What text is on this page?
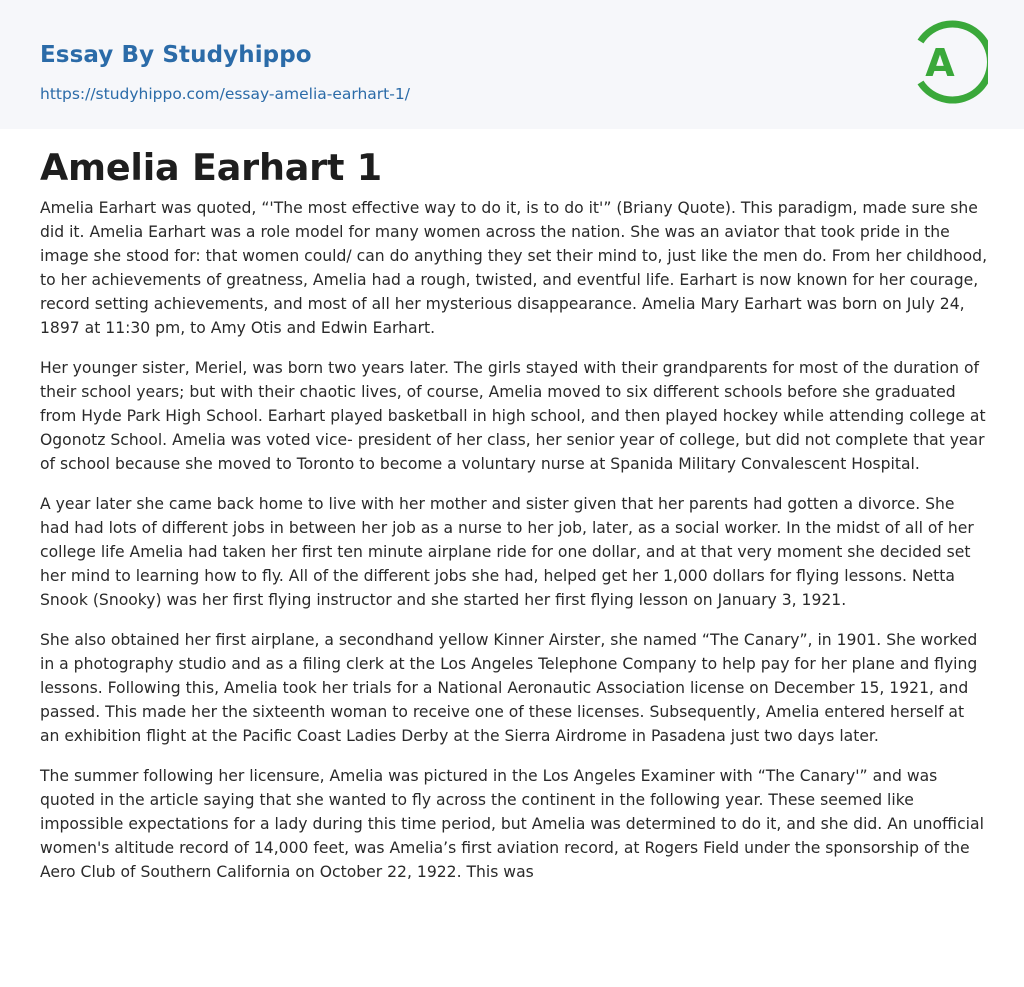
Essay By Studyhippo
https://studyhippo.com/essay-amelia-earhart-1/
A
Amelia Earhart 1

Amelia Earhart was quoted, “'The most effective way to do it, is to do it'” (Briany Quote). This paradigm, made sure she did it. Amelia Earhart was a role model for many women across the nation. She was an aviator that took pride in the image she stood for: that women could/ can do anything they set their mind to, just like the men do. From her childhood, to her achievements of greatness, Amelia had a rough, twisted, and eventful life. Earhart is now known for her courage, record setting achievements, and most of all her mysterious disappearance. Amelia Mary Earhart was born on July 24, 1897 at 11:30 pm, to Amy Otis and Edwin Earhart.

Her younger sister, Meriel, was born two years later. The girls stayed with their grandparents for most of the duration of their school years; but with their chaotic lives, of course, Amelia moved to six different schools before she graduated from Hyde Park High School. Earhart played basketball in high school, and then played hockey while attending college at Ogonotz School. Amelia was voted vice- president of her class, her senior year of college, but did not complete that year of school because she moved to Toronto to become a voluntary nurse at Spanida Military Convalescent Hospital.

A year later she came back home to live with her mother and sister given that her parents had gotten a divorce. She had had lots of different jobs in between her job as a nurse to her job, later, as a social worker. In the midst of all of her college life Amelia had taken her first ten minute airplane ride for one dollar, and at that very moment she decided set her mind to learning how to fly. All of the different jobs she had, helped get her 1,000 dollars for flying lessons. Netta Snook (Snooky) was her first flying instructor and she started her first flying lesson on January 3, 1921.

She also obtained her first airplane, a secondhand yellow Kinner Airster, she named “The Canary”, in 1901. She worked in a photography studio and as a filing clerk at the Los Angeles Telephone Company to help pay for her plane and flying lessons. Following this, Amelia took her trials for a National Aeronautic Association license on December 15, 1921, and passed. This made her the sixteenth woman to receive one of these licenses. Subsequently, Amelia entered herself at an exhibition flight at the Pacific Coast Ladies Derby at the Sierra Airdrome in Pasadena just two days later.

The summer following her licensure, Amelia was pictured in the Los Angeles Examiner with “The Canary'” and was quoted in the article saying that she wanted to fly across the continent in the following year. These seemed like impossible expectations for a lady during this time period, but Amelia was determined to do it, and she did. An unofficial women's altitude record of 14,000 feet, was Amelia’s first aviation record, at Rogers Field under the sponsorship of the Aero Club of Southern California on October 22, 1922. This was
